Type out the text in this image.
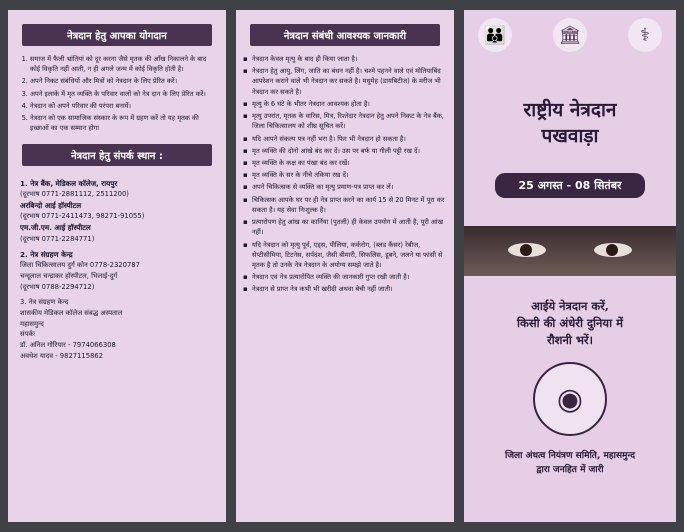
नेत्रदान हेतु आपका योगदान
1. समाज में फैली भ्रांतियां को दूर करना जैसे मृतक की आँख निकालने के बाद कोई विकृति नहीं आती, न ही अगले जन्म में कोई विकृति होती है।
2. अपने निकट संबंधियों और मित्रों को नेत्रदान के लिए प्रेरित करें।
3. अपने इलाके में मृत व्यक्ति के परिवार वालों को नेत्र दान के लिए प्रेरित करें।
4. नेत्रदान को अपने परिवार की परंपरा बनायें।
5. नेत्रदान को एक सामाजिक संस्कार के रूप में ग्रहण करें तो यह मृतक की इच्छाओं का एक सम्मान होगा
नेत्रदान हेतु संपर्क स्थान :
1. नेत्र बैंक, मेडिकल कॉलेज, रायपुर
(दूरभाष 0771-2881112, 2511200)
अरबिन्दो आई हॉस्पीटल
(दूरभाष 0771-2411473, 98271-91055)
एम.जी.एम. आई हॉस्पीटल
(दूरभाष 0771-2284771)
2. नेत्र संग्रहण केन्द्र
जिला चिकित्सालय दुर्ग कोन 0778-2320787
चन्दूलाल चन्द्राकर हॉस्पीटल, भिलाई-दुर्ग
(दूरभाष 0788-2294712)
3. नेत्र संग्रहण केन्द
शासकीय मेडिकल कॉलेज संबद्ध अस्पताल
महासमुन्द
संपर्कः
डॉ. अनिल गोरियार - 7974066308
अवधेश यादव - 9827115862
नेत्रदान संबंधी आवश्यक जानकारी
▪ नेत्रदान केवल मृत्यु के बाद ही किया जाता है।
▪ नेत्रदान हेतु आयु, लिंग, जाति का बंधन नहीं है। चश्मे पहनने वाले एवं मोतियाबिंद आपरेशन कराने वाले भी नेत्रदान कर सकते है। मधुमेह (डायबिटीज) के मरीज भी नेत्रदान कर सकते है।
▪ मृत्यु के 6 घंटे के भीतर नेत्रदान आवश्यक होता है।
▪ मृत्यु उपरांत, मृतक के वारिस, मित्र, रिश्तेदार नेत्रदान हेतु अपने निकट के नेत्र बैंक, जिला चिकित्सालय को शीघ्र सूचित करें।
▪ यदि आपने संकल्प पत्र नहीं भरा है। फिर भी नेत्रदान हो सकता है।
▪ मृत व्यक्ति की दोनो आंखे बंद कर दें। उस पर बर्फ या गीली पट्टी रख दें।
▪ मृत व्यक्ति के कक्ष का पंखा बंद कर रखें।
▪ मृत व्यक्ति के सर के नीचे तकिया रख दें।
▪ अपने चिकित्सक से व्यक्ति का मृत्यु प्रमाण-पत्र प्राप्त कर लें।
▪ चिकित्सक आपके घर पर ही नेत्र प्राप्त करने का कार्य 15 से 20 मिनट में पूरा कर सकता है। यह सेवा निःशुल्क है।
▪ प्रत्यारोपण हेतु आंख का कार्निया (पुतली) ही केवल उपयोग में आती है, पूरी आंख नहीं।
▪ यदि नेत्रदान को मृत्यु पूर्व, एड्स, पीलिया, कर्करोग, (ब्लड कैंसर) रेबीज, सेप्टीसीमिया, टिटनेस, सर्पदंश, जैसी बीमारी, सिफलिस, डूबने, जलने या फांसी से मृतक है तो उनके नेत्र नेत्रदान के अयोग्य समझे जाते है।
▪ नेत्रदान एवं नेत्र प्रत्यारोपित व्यक्ति की जानकारी गुप्त रखी जाती है।
▪ नेत्रदान से प्राप्त नेत्र कभी भी खरीदी अथवा बेची नहीं जाती।
👪	🏛	⚕
राष्ट्रीय नेत्रदान
पखवाड़ा
25 अगस्त - 08 सितंबर
आईये नेत्रदान करें,
किसी की अंधेरी दुनिया में
रौशनी भरें।
◉
जिला अंधत्व नियंत्रण समिति, महासमुन्द
द्वारा जनहित में जारी
